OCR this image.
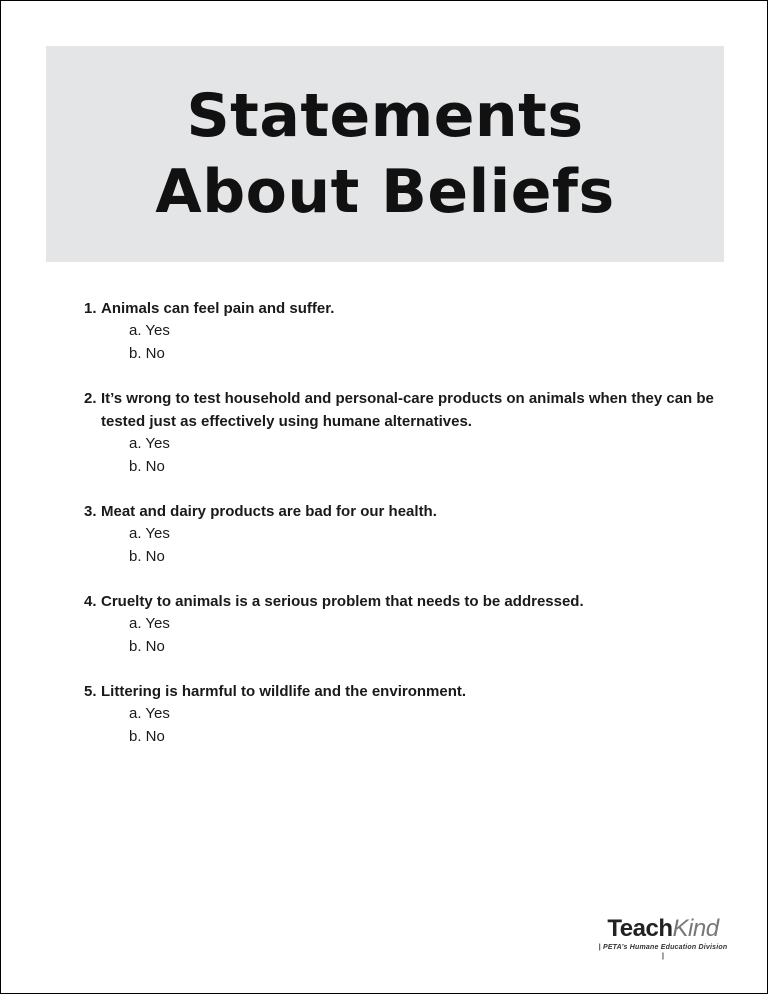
Statements
About Beliefs
1. Animals can feel pain and suffer.
a. Yes
b. No
2. It’s wrong to test household and personal-care products on animals when they can be tested just as effectively using humane alternatives.
a. Yes
b. No
3. Meat and dairy products are bad for our health.
a. Yes
b. No
4. Cruelty to animals is a serious problem that needs to be addressed.
a. Yes
b. No
5. Littering is harmful to wildlife and the environment.
a. Yes
b. No
TeachKind
| PETA’s Humane Education Division |
